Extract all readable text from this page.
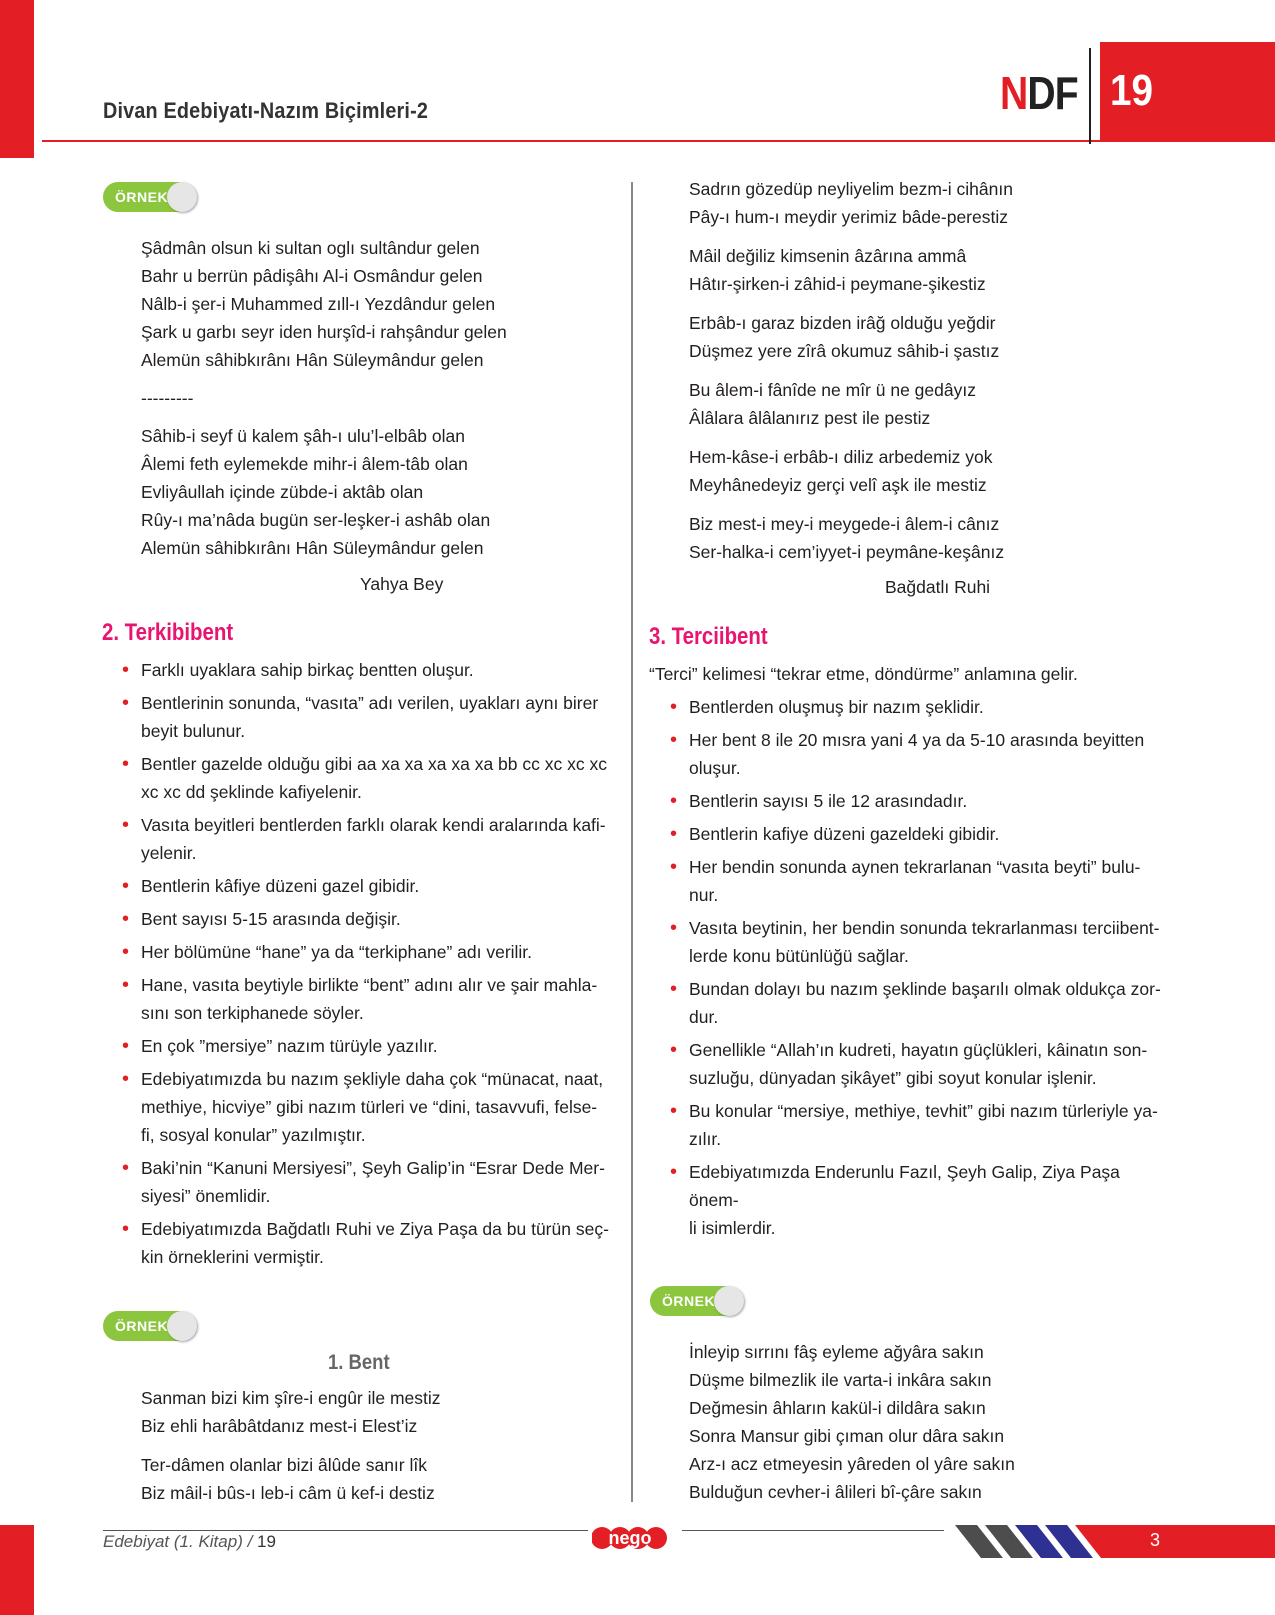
Divan Edebiyatı-Nazım Biçimleri-2	NDF 19
ÖRNEK
Şâdmân olsun ki sultan oglı sultândur gelen
Bahr u berrün pâdişâhı Al-i Osmândur gelen
Nâlb-i şer-i Muhammed zıll-ı Yezdândur gelen
Şark u garbı seyr iden hurşîd-i rahşândur gelen
Alemün sâhibkırânı Hân Süleymândur gelen
---------
Sâhib-i seyf ü kalem şâh-ı ulu’l-elbâb olan
Âlemi feth eylemekde mihr-i âlem-tâb olan
Evliyâullah içinde zübde-i aktâb olan
Rûy-ı ma’nâda bugün ser-leşker-i ashâb olan
Alemün sâhibkırânı Hân Süleymândur gelen
Yahya Bey
2. Terkibibent
• Farklı uyaklara sahip birkaç bentten oluşur.
• Bentlerinin sonunda, “vasıta” adı verilen, uyakları aynı birer
beyit bulunur.
• Bentler gazelde olduğu gibi aa xa xa xa xa xa bb cc xc xc xc
xc xc dd şeklinde kafiyelenir.
• Vasıta beyitleri bentlerden farklı olarak kendi aralarında kafi-
yelenir.
• Bentlerin kâfiye düzeni gazel gibidir.
• Bent sayısı 5-15 arasında değişir.
• Her bölümüne “hane” ya da “terkiphane” adı verilir.
• Hane, vasıta beytiyle birlikte “bent” adını alır ve şair mahla-
sını son terkiphanede söyler.
• En çok ”mersiye” nazım türüyle yazılır.
• Edebiyatımızda bu nazım şekliyle daha çok “münacat, naat,
methiye, hicviye” gibi nazım türleri ve “dini, tasavvufi, felse-
fi, sosyal konular” yazılmıştır.
• Baki’nin “Kanuni Mersiyesi”, Şeyh Galip’in “Esrar Dede Mer-
siyesi” önemlidir.
• Edebiyatımızda Bağdatlı Ruhi ve Ziya Paşa da bu türün seç-
kin örneklerini vermiştir.
ÖRNEK
1. Bent
Sanman bizi kim şîre-i engûr ile mestiz
Biz ehli harâbâtdanız mest-i Elest’iz
Ter-dâmen olanlar bizi âlûde sanır lîk
Biz mâil-i bûs-ı leb-i câm ü kef-i destiz
Sadrın gözedüp neyliyelim bezm-i cihânın
Pây-ı hum-ı meydir yerimiz bâde-perestiz
Mâil değiliz kimsenin âzârına ammâ
Hâtır-şirken-i zâhid-i peymane-şikestiz
Erbâb-ı garaz bizden irâğ olduğu yeğdir
Düşmez yere zîrâ okumuz sâhib-i şastız
Bu âlem-i fânîde ne mîr ü ne gedâyız
Âlâlara âlâlanırız pest ile pestiz
Hem-kâse-i erbâb-ı diliz arbedemiz yok
Meyhânedeyiz gerçi velî aşk ile mestiz
Biz mest-i mey-i meygede-i âlem-i cânız
Ser-halka-i cem’iyyet-i peymâne-keşânız
Bağdatlı Ruhi
3. Terciibent
“Terci” kelimesi “tekrar etme, döndürme” anlamına gelir.
• Bentlerden oluşmuş bir nazım şeklidir.
• Her bent 8 ile 20 mısra yani 4 ya da 5-10 arasında beyitten
oluşur.
• Bentlerin sayısı 5 ile 12 arasındadır.
• Bentlerin kafiye düzeni gazeldeki gibidir.
• Her bendin sonunda aynen tekrarlanan “vasıta beyti” bulu-
nur.
• Vasıta beytinin, her bendin sonunda tekrarlanması terciibent-
lerde konu bütünlüğü sağlar.
• Bundan dolayı bu nazım şeklinde başarılı olmak oldukça zor-
dur.
• Genellikle “Allah’ın kudreti, hayatın güçlükleri, kâinatın son-
suzluğu, dünyadan şikâyet” gibi soyut konular işlenir.
• Bu konular “mersiye, methiye, tevhit” gibi nazım türleriyle ya-
zılır.
• Edebiyatımızda Enderunlu Fazıl, Şeyh Galip, Ziya Paşa önem-
li isimlerdir.
ÖRNEK
İnleyip sırrını fâş eyleme ağyâra sakın
Düşme bilmezlik ile varta-i inkâra sakın
Değmesin âhların kakül-i dildâra sakın
Sonra Mansur gibi çıman olur dâra sakın
Arz-ı acz etmeyesin yâreden ol yâre sakın
Bulduğun cevher-i âlileri bî-çâre sakın
Edebiyat (1. Kitap) / 19	nego	3
